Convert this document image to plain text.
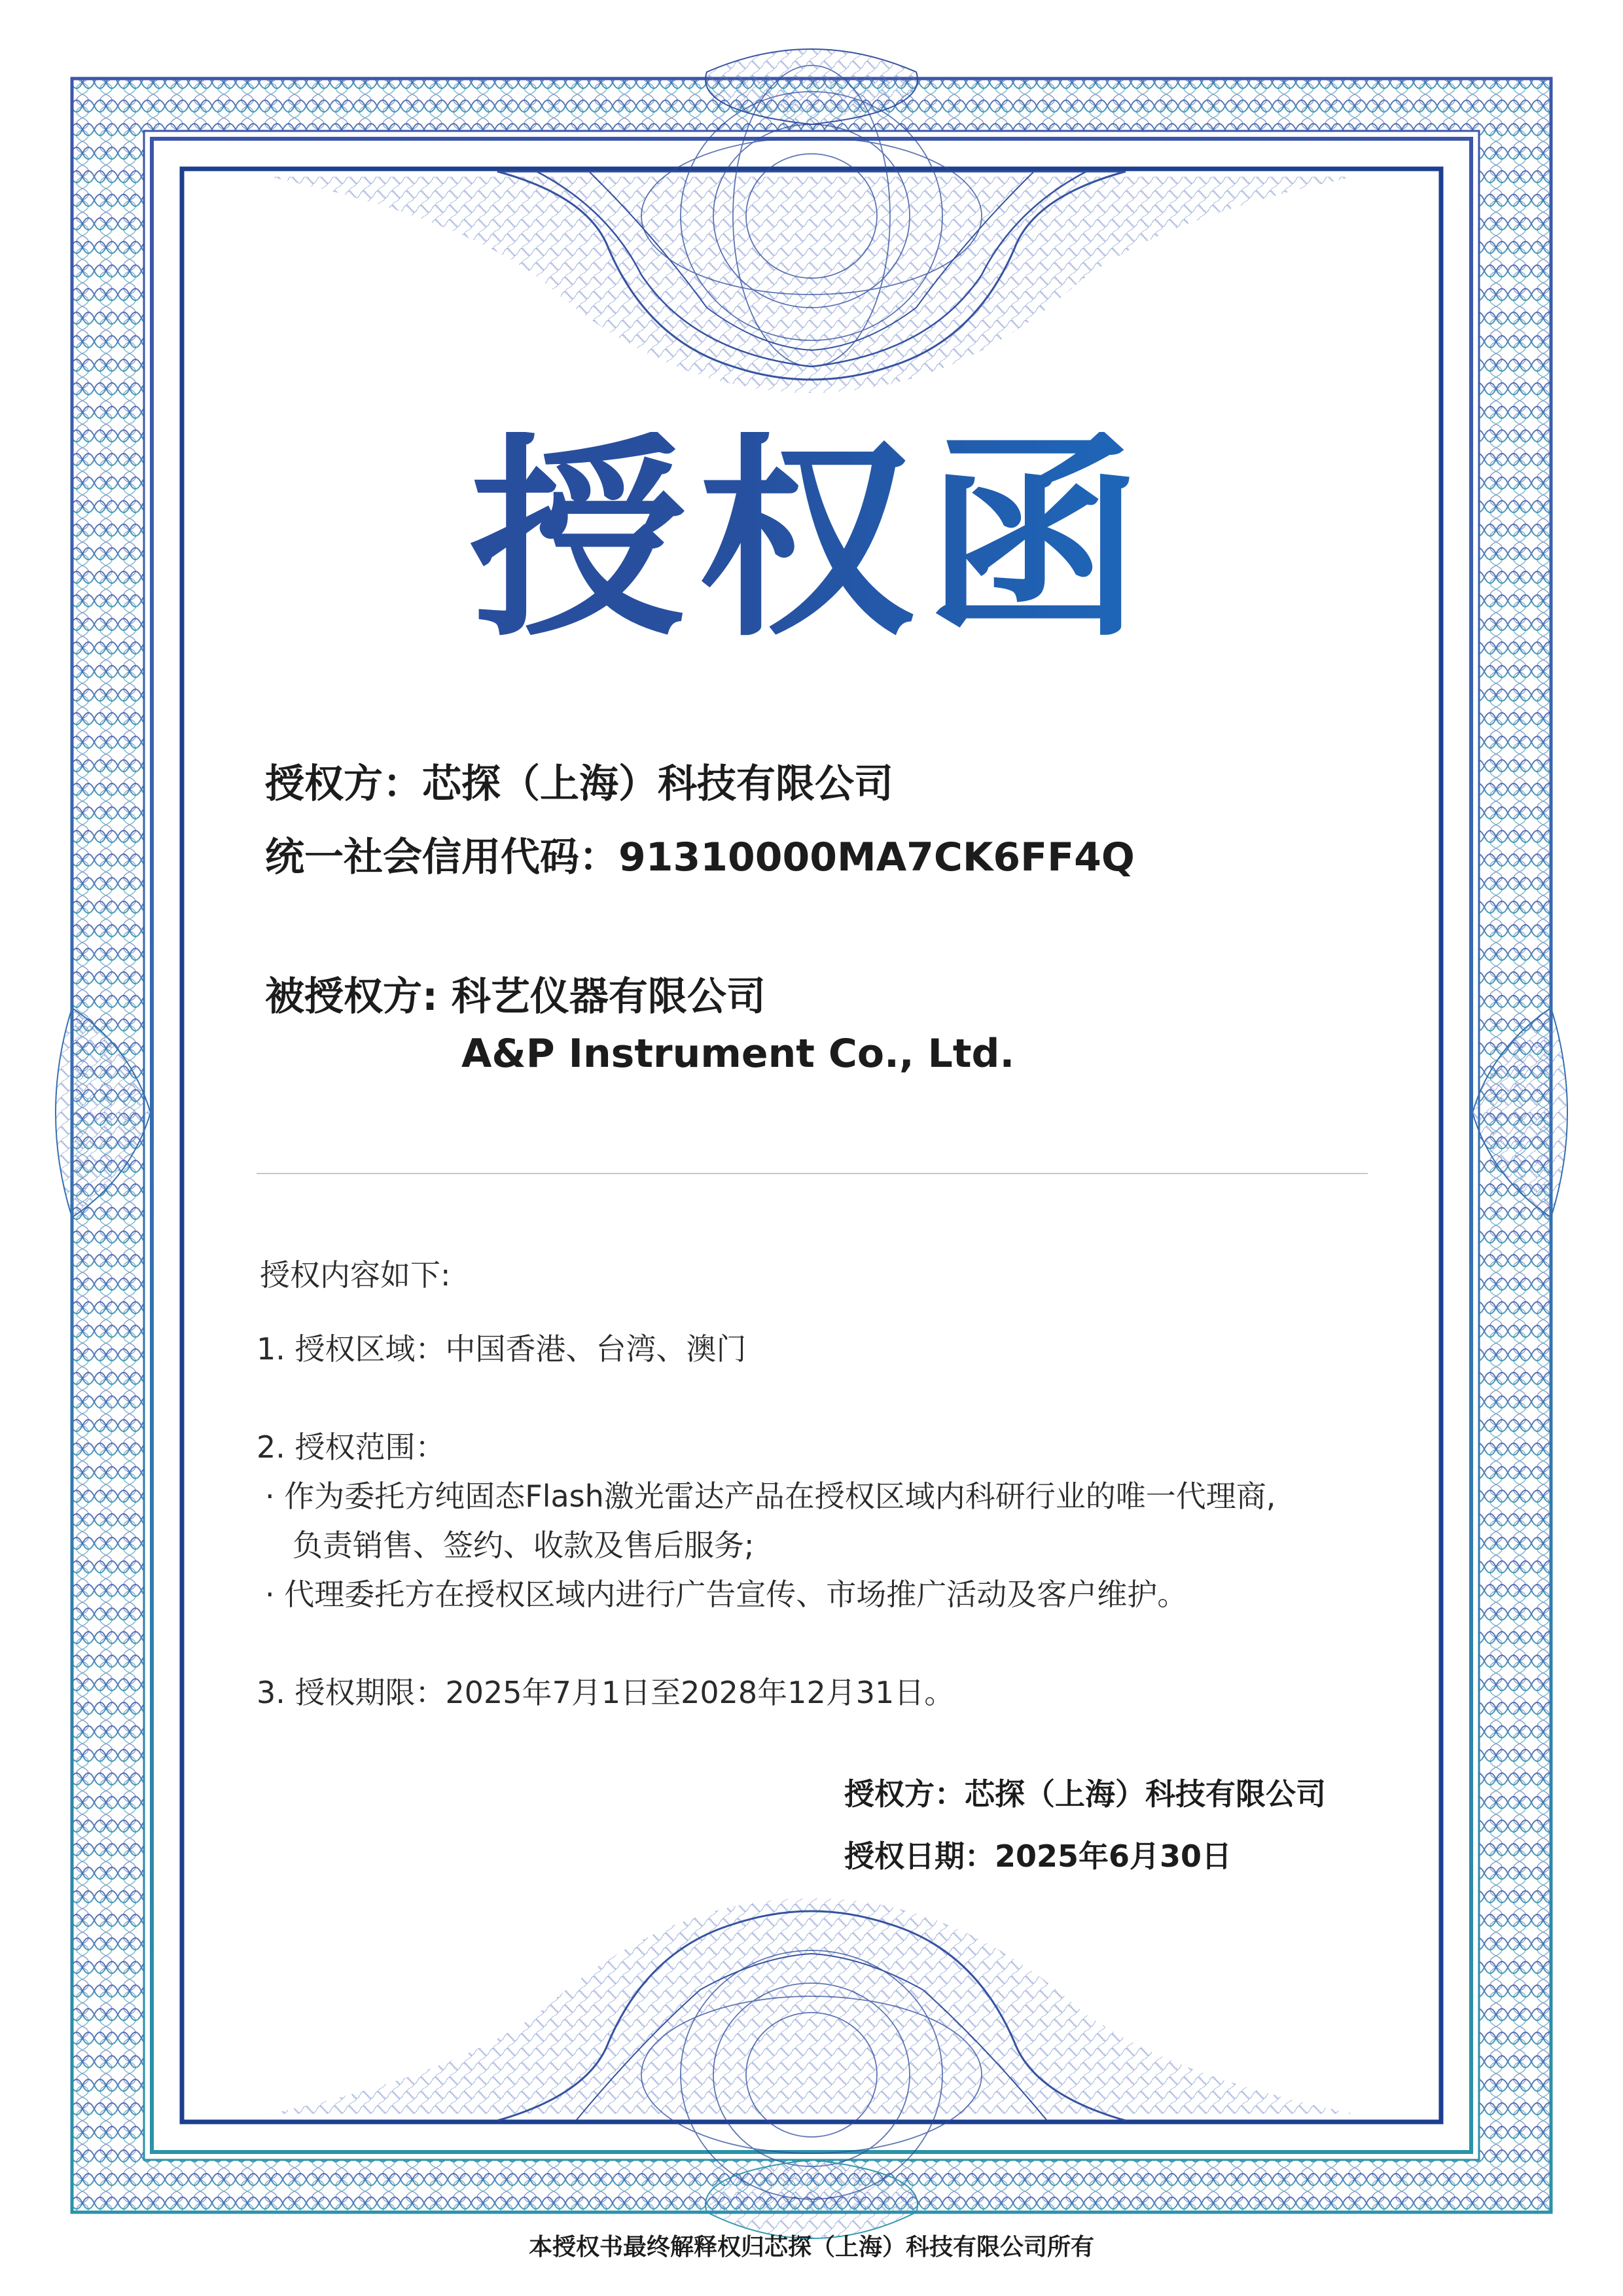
授权函
授权方：芯探（上海）科技有限公司
统一社会信用代码：91310000MA7CK6FF4Q
被授权方: 科艺仪器有限公司
A&P Instrument Co., Ltd.
授权内容如下:
1. 授权区域：中国香港、台湾、澳门
2. 授权范围：
· 作为委托方纯固态Flash激光雷达产品在授权区域内科研行业的唯一代理商,
负责销售、签约、收款及售后服务;
· 代理委托方在授权区域内进行广告宣传、市场推广活动及客户维护。
3. 授权期限：2025年7月1日至2028年12月31日。
授权方：芯探（上海）科技有限公司
授权日期：2025年6月30日
本授权书最终解释权归芯探（上海）科技有限公司所有
